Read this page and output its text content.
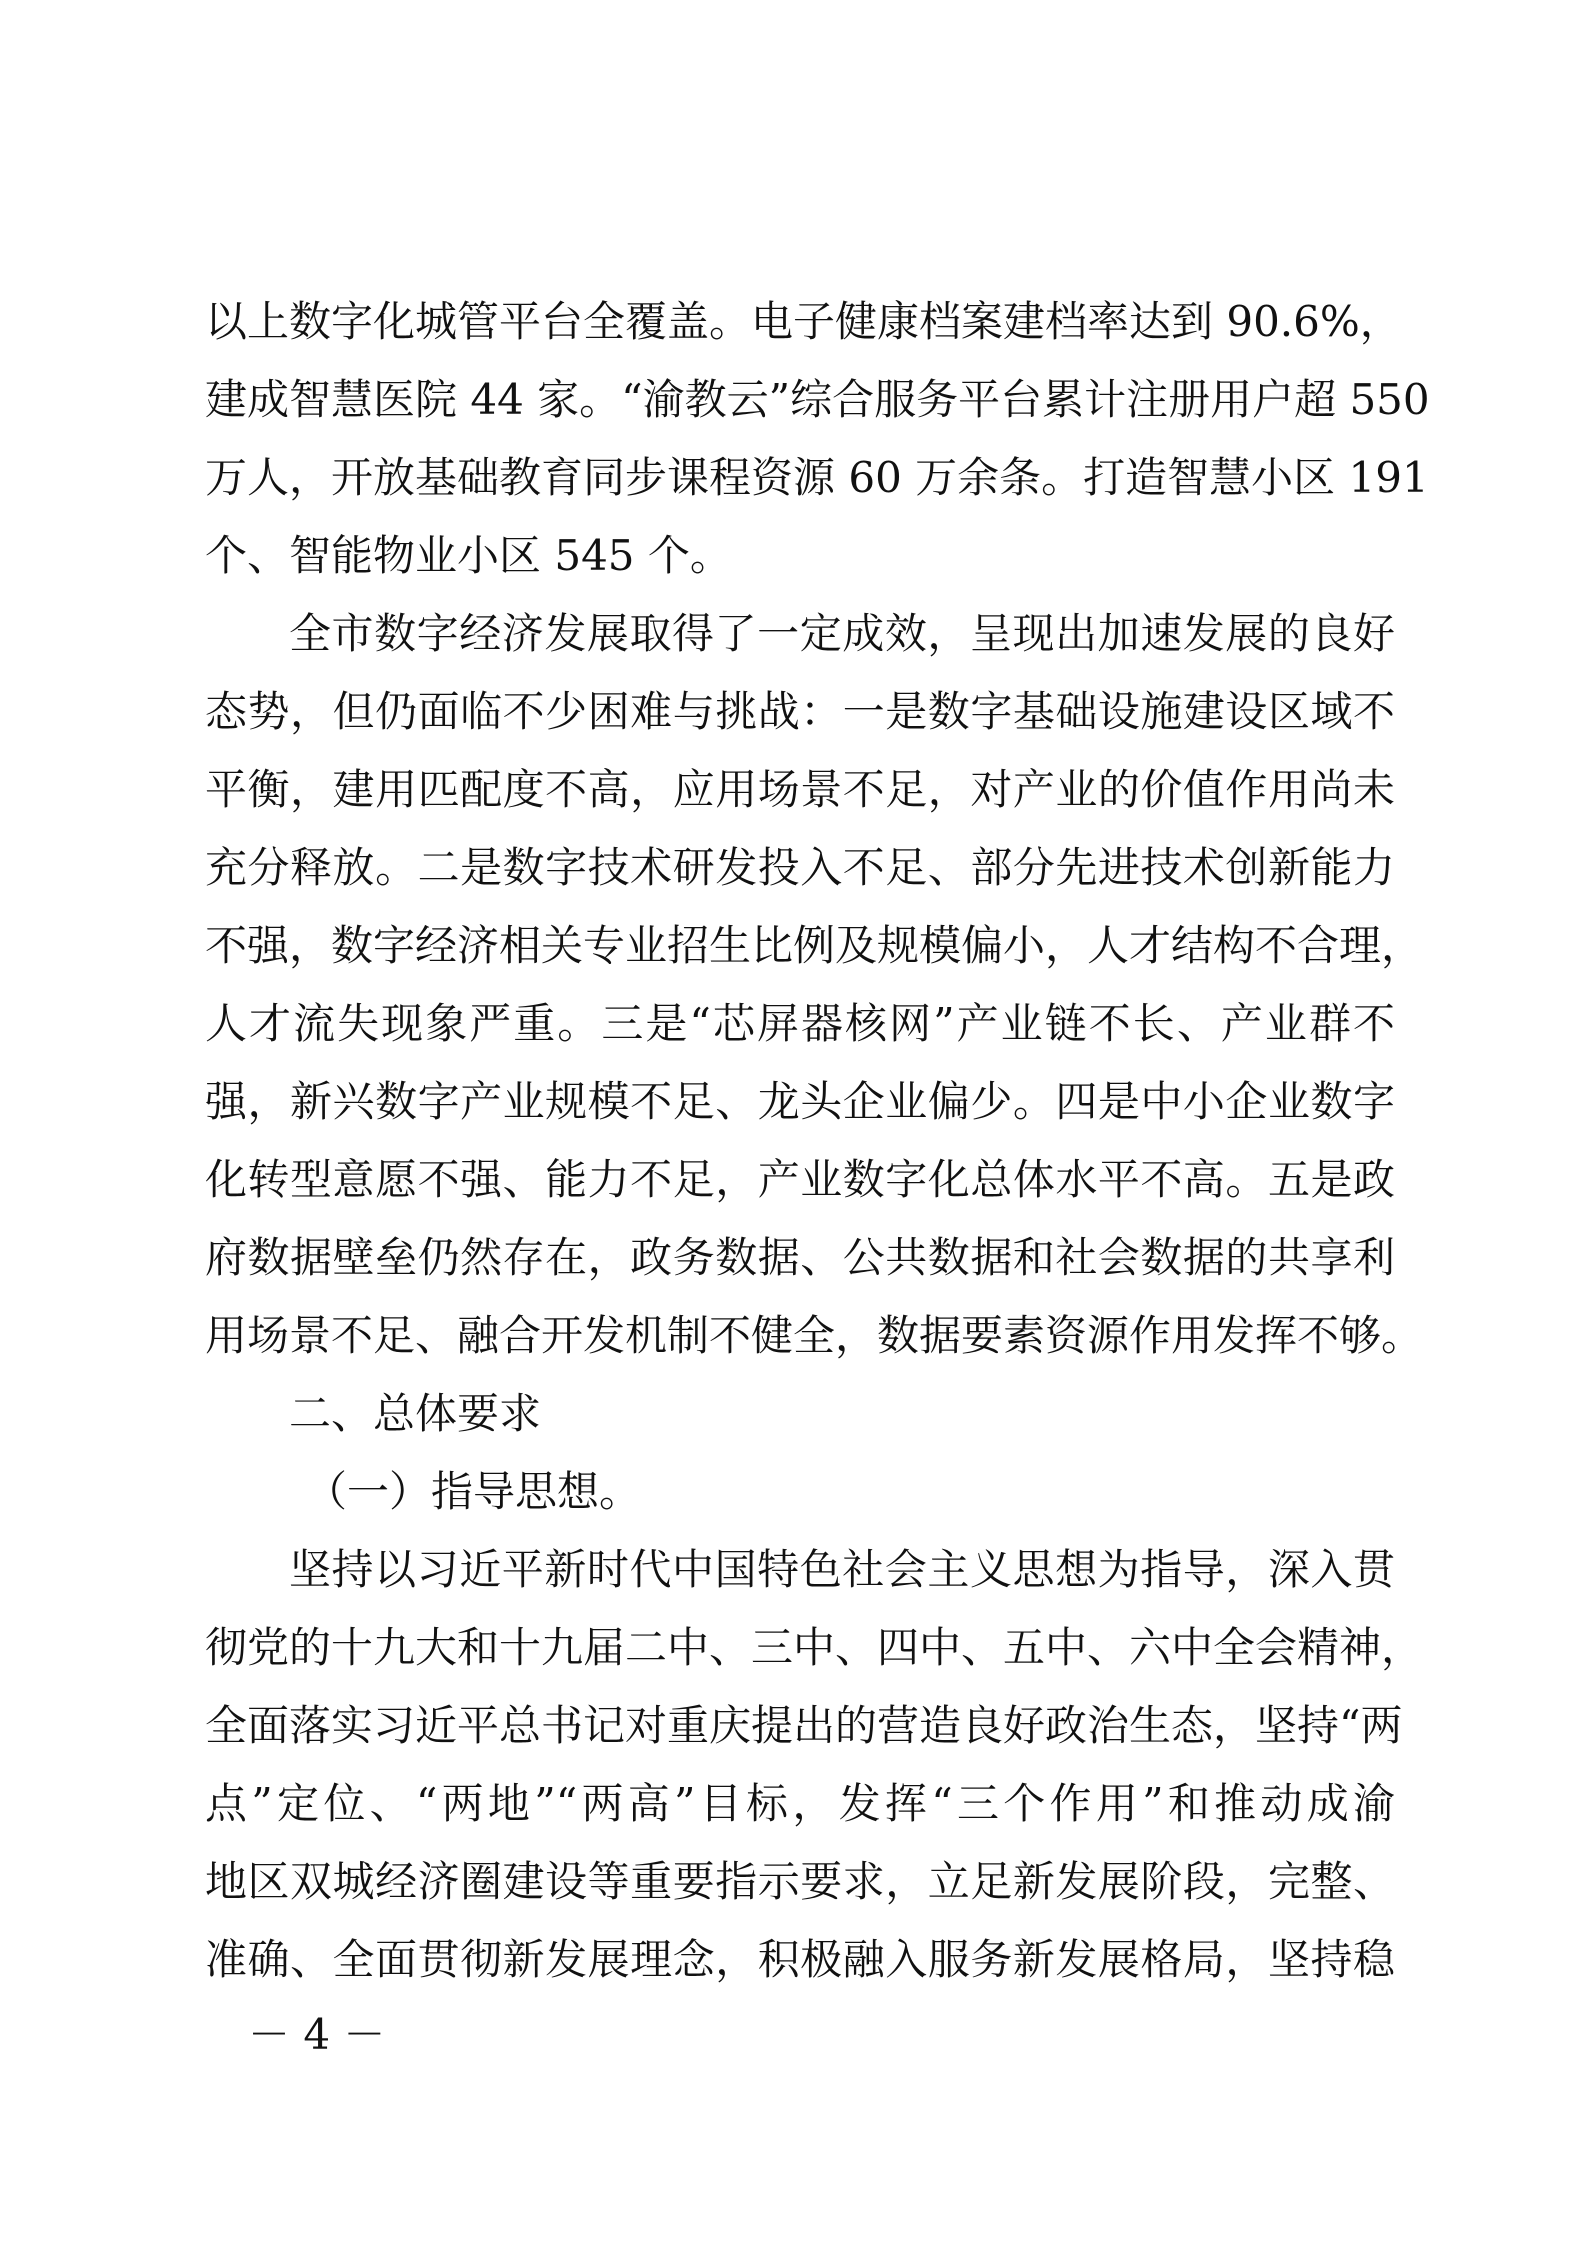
以上数字化城管平台全覆盖。电子健康档案建档率达到 90.6%，
建成智慧医院 44 家。“渝教云”综合服务平台累计注册用户超 550
万人，开放基础教育同步课程资源 60 万余条。打造智慧小区 191
个、智能物业小区 545 个。
全市数字经济发展取得了一定成效，呈现出加速发展的良好
态势，但仍面临不少困难与挑战：一是数字基础设施建设区域不
平衡，建用匹配度不高，应用场景不足，对产业的价值作用尚未
充分释放。二是数字技术研发投入不足、部分先进技术创新能力
不强，数字经济相关专业招生比例及规模偏小，人才结构不合理，
人才流失现象严重。三是“芯屏器核网”产业链不长、产业群不
强，新兴数字产业规模不足、龙头企业偏少。四是中小企业数字
化转型意愿不强、能力不足，产业数字化总体水平不高。五是政
府数据壁垒仍然存在，政务数据、公共数据和社会数据的共享利
用场景不足、融合开发机制不健全，数据要素资源作用发挥不够。
二、总体要求
（一）指导思想。
坚持以习近平新时代中国特色社会主义思想为指导，深入贯
彻党的十九大和十九届二中、三中、四中、五中、六中全会精神，
全面落实习近平总书记对重庆提出的营造良好政治生态，坚持“两
点”定位、“两地”“两高”目标，发挥“三个作用”和推动成渝
地区双城经济圈建设等重要指示要求，立足新发展阶段，完整、
准确、全面贯彻新发展理念，积极融入服务新发展格局，坚持稳
－ 4 －
